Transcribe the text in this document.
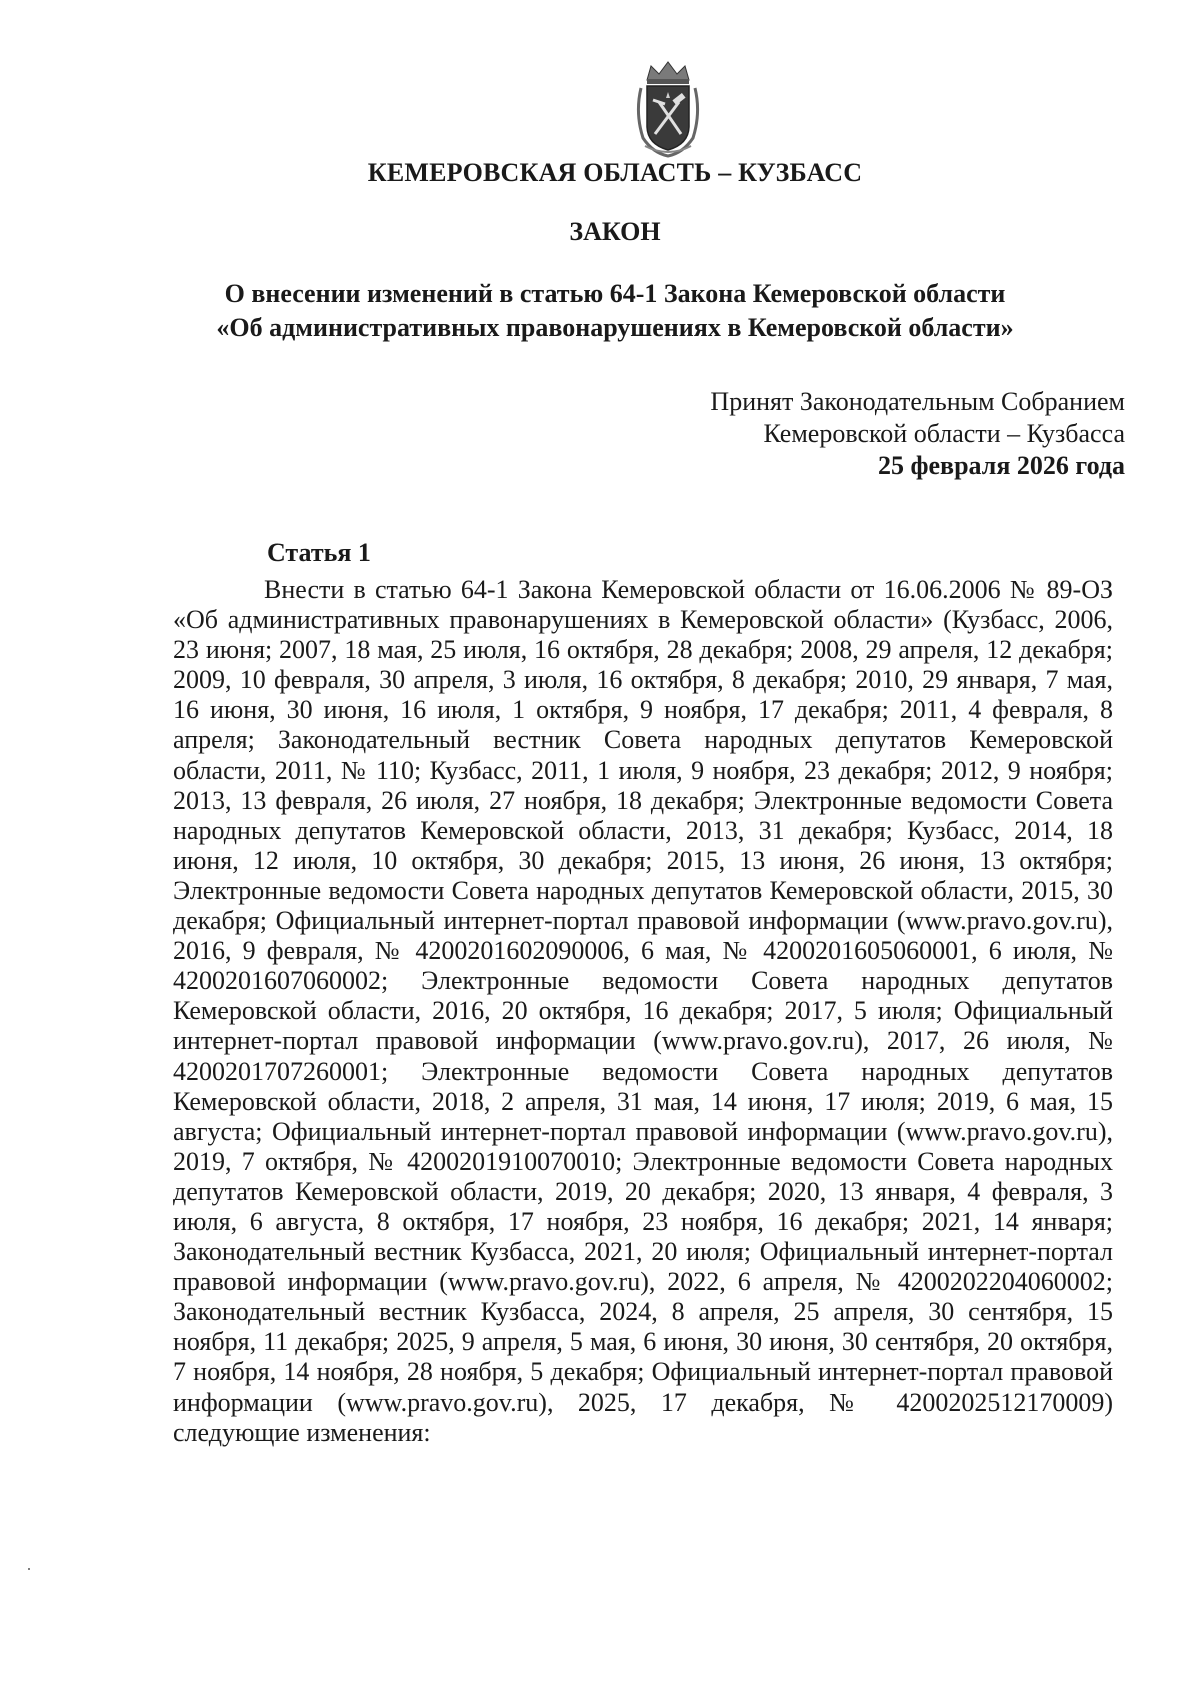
КЕМЕРОВСКАЯ ОБЛАСТЬ – КУЗБАСС
ЗАКОН
О внесении изменений в статью 64-1 Закона Кемеровской области
«Об административных правонарушениях в Кемеровской области»
Принят Законодательным Собранием
Кемеровской области – Кузбасса
25 февраля 2026 года
Статья 1

Внести в статью 64-1 Закона Кемеровской области от 16.06.2006 № 89-ОЗ «Об административных правонарушениях в Кемеровской области» (Кузбасс, 2006, 23 июня; 2007, 18 мая, 25 июля, 16 октября, 28 декабря; 2008, 29 апреля, 12 декабря; 2009, 10 февраля, 30 апреля, 3 июля, 16 октября, 8 декабря; 2010, 29 января, 7 мая, 16 июня, 30 июня, 16 июля, 1 октября, 9 ноября, 17 декабря; 2011, 4 февраля, 8 апреля; Законодательный вестник Совета народных депутатов Кемеровской области, 2011, № 110; Кузбасс, 2011, 1 июля, 9 ноября, 23 декабря; 2012, 9 ноября; 2013, 13 февраля, 26 июля, 27 ноября, 18 декабря; Электронные ведомости Совета народных депутатов Кемеровской области, 2013, 31 декабря; Кузбасс, 2014, 18 июня, 12 июля, 10 октября, 30 декабря; 2015, 13 июня, 26 июня, 13 октября; Электронные ведомости Совета народных депутатов Кемеровской области, 2015, 30 декабря; Официальный интернет-портал правовой информации (www.pravo.gov.ru), 2016, 9 февраля, № 4200201602090006, 6 мая, № 4200201605060001, 6 июля, № 4200201607060002; Электронные ведомости Совета народных депутатов Кемеровской области, 2016, 20 октября, 16 декабря; 2017, 5 июля; Официальный интернет-портал правовой информации (www.pravo.gov.ru), 2017, 26 июля, № 4200201707260001; Электронные ведомости Совета народных депутатов Кемеровской области, 2018, 2 апреля, 31 мая, 14 июня, 17 июля; 2019, 6 мая, 15 августа; Официальный интернет-портал правовой информации (www.pravo.gov.ru), 2019, 7 октября, № 4200201910070010; Электронные ведомости Совета народных депутатов Кемеровской области, 2019, 20 декабря; 2020, 13 января, 4 февраля, 3 июля, 6 августа, 8 октября, 17 ноября, 23 ноября, 16 декабря; 2021, 14 января; Законодательный вестник Кузбасса, 2021, 20 июля; Официальный интернет-портал правовой информации (www.pravo.gov.ru), 2022, 6 апреля, № 4200202204060002; Законодательный вестник Кузбасса, 2024, 8 апреля, 25 апреля, 30 сентября, 15 ноября, 11 декабря; 2025, 9 апреля, 5 мая, 6 июня, 30 июня, 30 сентября, 20 октября, 7 ноября, 14 ноября, 28 ноября, 5 декабря; Официальный интернет-портал правовой информации (www.pravo.gov.ru), 2025, 17 декабря, № 4200202512170009) следующие изменения:
